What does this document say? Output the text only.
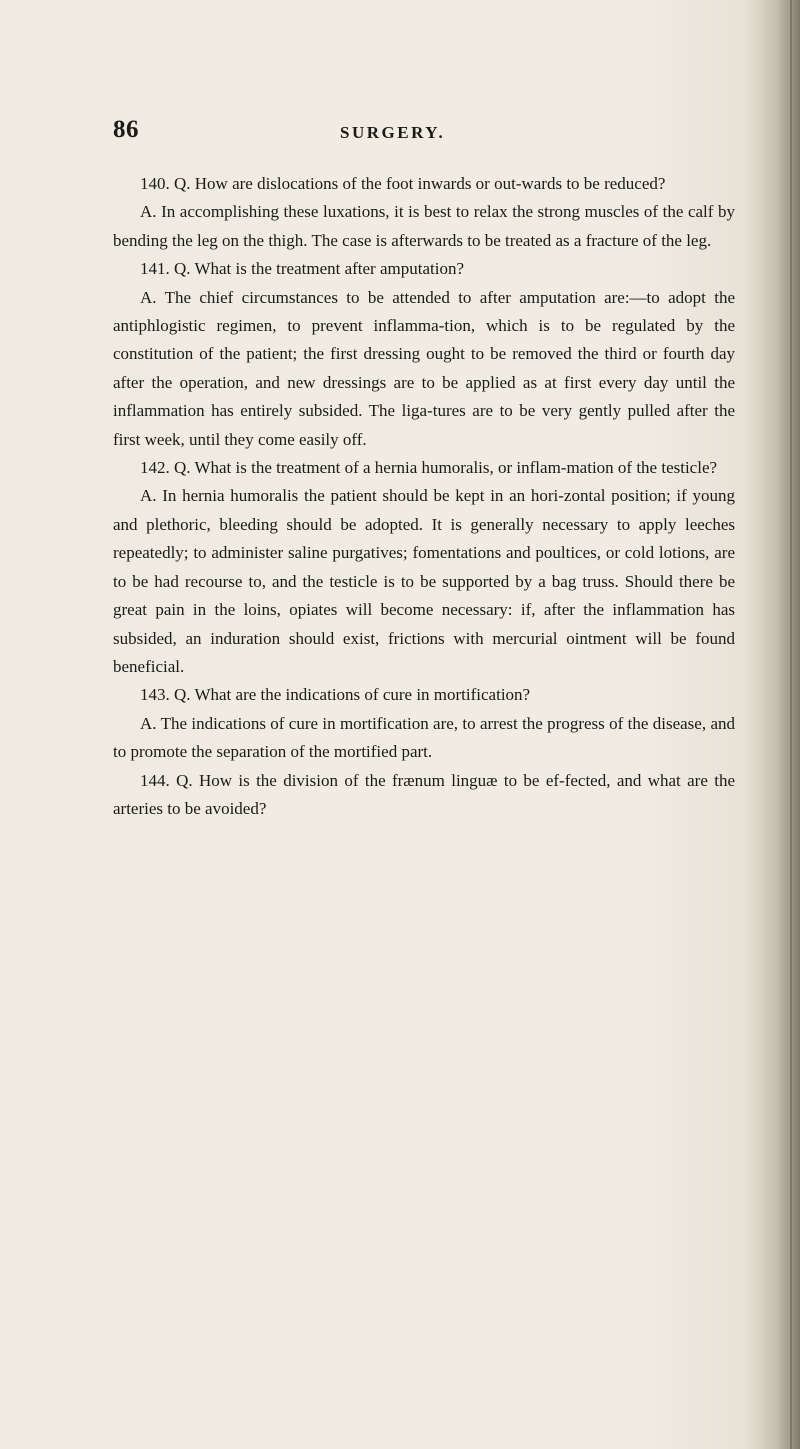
86	SURGERY.

140. Q. How are dislocations of the foot inwards or out-wards to be reduced?

A. In accomplishing these luxations, it is best to relax the strong muscles of the calf by bending the leg on the thigh. The case is afterwards to be treated as a fracture of the leg.

141. Q. What is the treatment after amputation?

A. The chief circumstances to be attended to after amputation are:—to adopt the antiphlogistic regimen, to prevent inflamma-tion, which is to be regulated by the constitution of the patient; the first dressing ought to be removed the third or fourth day after the operation, and new dressings are to be applied as at first every day until the inflammation has entirely subsided. The liga-tures are to be very gently pulled after the first week, until they come easily off.

142. Q. What is the treatment of a hernia humoralis, or inflam-mation of the testicle?

A. In hernia humoralis the patient should be kept in an hori-zontal position; if young and plethoric, bleeding should be adopted. It is generally necessary to apply leeches repeatedly; to administer saline purgatives; fomentations and poultices, or cold lotions, are to be had recourse to, and the testicle is to be supported by a bag truss. Should there be great pain in the loins, opiates will become necessary: if, after the inflammation has subsided, an induration should exist, frictions with mercurial ointment will be found beneficial.

143. Q. What are the indications of cure in mortification?

A. The indications of cure in mortification are, to arrest the progress of the disease, and to promote the separation of the mortified part.

144. Q. How is the division of the frænum linguæ to be ef-fected, and what are the arteries to be avoided?
